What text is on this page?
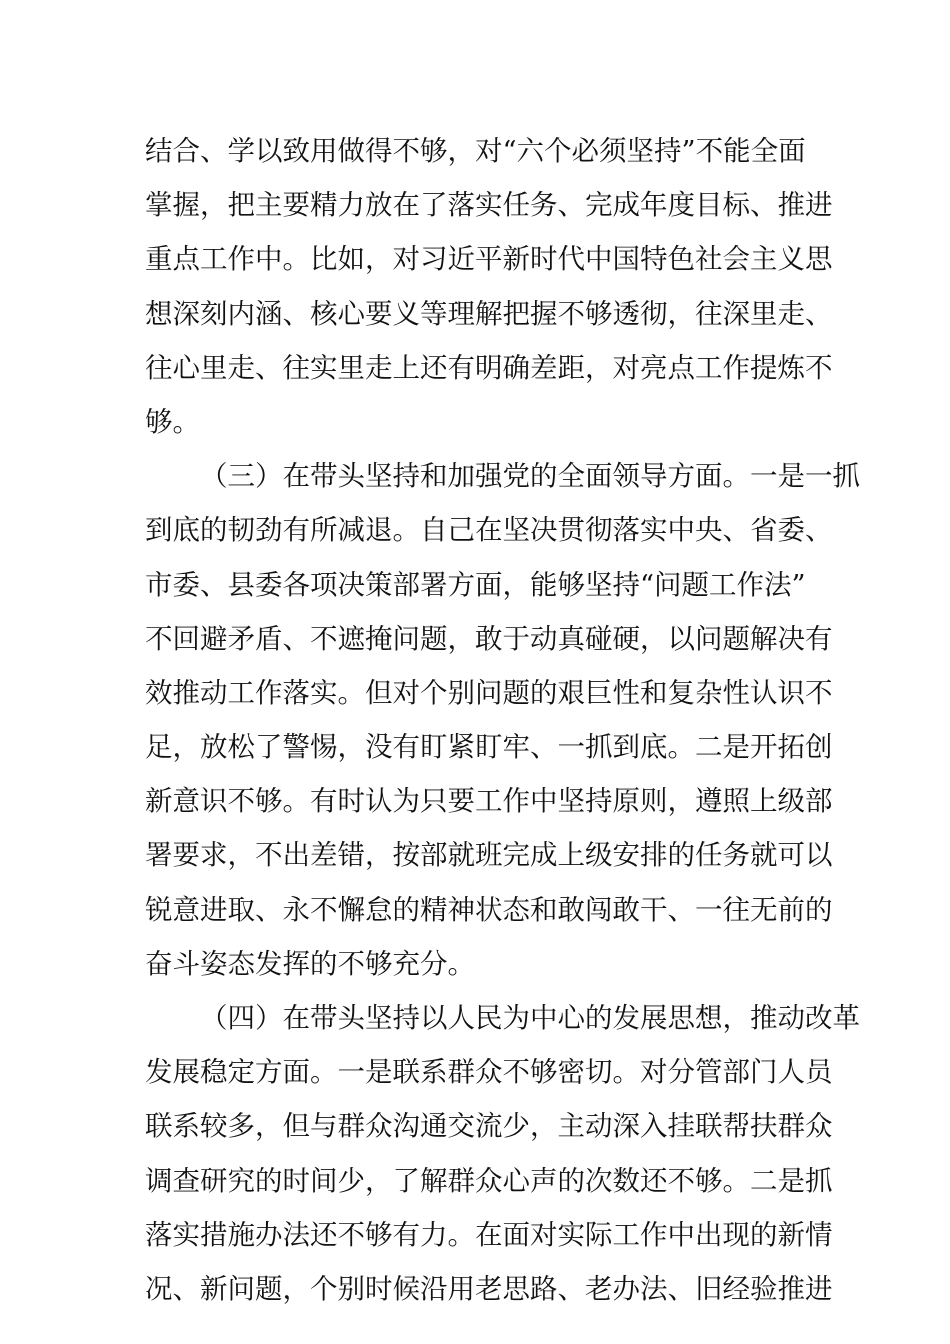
结合、学以致用做得不够，对“六个必须坚持”不能全面
掌握，把主要精力放在了落实任务、完成年度目标、推进
重点工作中。比如，对习近平新时代中国特色社会主义思
想深刻内涵、核心要义等理解把握不够透彻，往深里走、
往心里走、往实里走上还有明确差距，对亮点工作提炼不
够。
（三）在带头坚持和加强党的全面领导方面。一是一抓
到底的韧劲有所减退。自己在坚决贯彻落实中央、省委、
市委、县委各项决策部署方面，能够坚持“问题工作法”
不回避矛盾、不遮掩问题，敢于动真碰硬，以问题解决有
效推动工作落实。但对个别问题的艰巨性和复杂性认识不
足，放松了警惕，没有盯紧盯牢、一抓到底。二是开拓创
新意识不够。有时认为只要工作中坚持原则，遵照上级部
署要求，不出差错，按部就班完成上级安排的任务就可以
锐意进取、永不懈怠的精神状态和敢闯敢干、一往无前的
奋斗姿态发挥的不够充分。
（四）在带头坚持以人民为中心的发展思想，推动改革
发展稳定方面。一是联系群众不够密切。对分管部门人员
联系较多，但与群众沟通交流少，主动深入挂联帮扶群众
调查研究的时间少，了解群众心声的次数还不够。二是抓
落实措施办法还不够有力。在面对实际工作中出现的新情
况、新问题，个别时候沿用老思路、老办法、旧经验推进
